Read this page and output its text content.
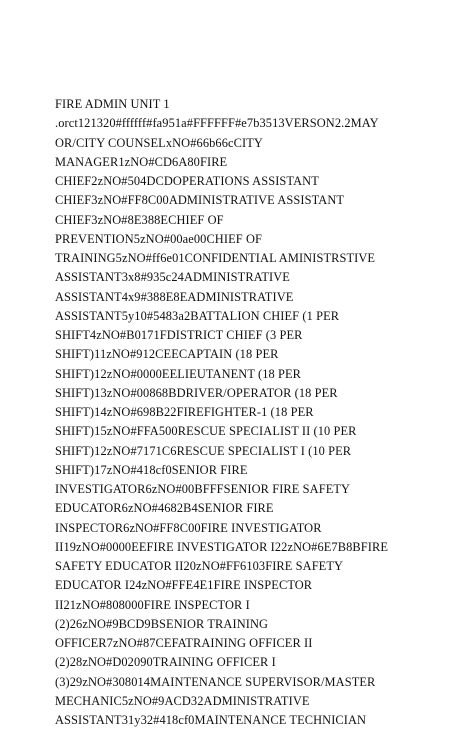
FIRE ADMIN UNIT 1
.orct121320#ffffff#fa951a#FFFFFF#e7b3513VERSON2.2MAY
OR/CITY COUNSELxNO#66b66cCITY
MANAGER1zNO#CD6A80FIRE
CHIEF2zNO#504DCDOPERATIONS ASSISTANT
CHIEF3zNO#FF8C00ADMINISTRATIVE ASSISTANT
CHIEF3zNO#8E388ECHIEF OF
PREVENTION5zNO#00ae00CHIEF OF
TRAINING5zNO#ff6e01CONFIDENTIAL AMINISTRSTIVE
ASSISTANT3x8#935c24ADMINISTRATIVE
ASSISTANT4x9#388E8EADMINISTRATIVE
ASSISTANT5y10#5483a2BATTALION CHIEF (1 PER
SHIFT4zNO#B0171FDISTRICT CHIEF (3 PER
SHIFT)11zNO#912CEECAPTAIN (18 PER
SHIFT)12zNO#0000EELIEUTANENT (18 PER
SHIFT)13zNO#00868BDRIVER/OPERATOR (18 PER
SHIFT)14zNO#698B22FIREFIGHTER-1 (18 PER
SHIFT)15zNO#FFA500RESCUE SPECIALIST II (10 PER
SHIFT)12zNO#7171C6RESCUE SPECIALIST I (10 PER
SHIFT)17zNO#418cf0SENIOR FIRE
INVESTIGATOR6zNO#00BFFFSENIOR FIRE SAFETY
EDUCATOR6zNO#4682B4SENIOR FIRE
INSPECTOR6zNO#FF8C00FIRE INVESTIGATOR
II19zNO#0000EEFIRE INVESTIGATOR I22zNO#6E7B8BFIRE
SAFETY EDUCATOR II20zNO#FF6103FIRE SAFETY
EDUCATOR I24zNO#FFE4E1FIRE INSPECTOR
II21zNO#808000FIRE INSPECTOR I
(2)26zNO#9BCD9BSENIOR TRAINING
OFFICER7zNO#87CEFATRAINING OFFICER II
(2)28zNO#D02090TRAINING OFFICER I
(3)29zNO#308014MAINTENANCE SUPERVISOR/MASTER
MECHANIC5zNO#9ACD32ADMINISTRATIVE
ASSISTANT31y32#418cf0MAINTENANCE TECHNICIAN
